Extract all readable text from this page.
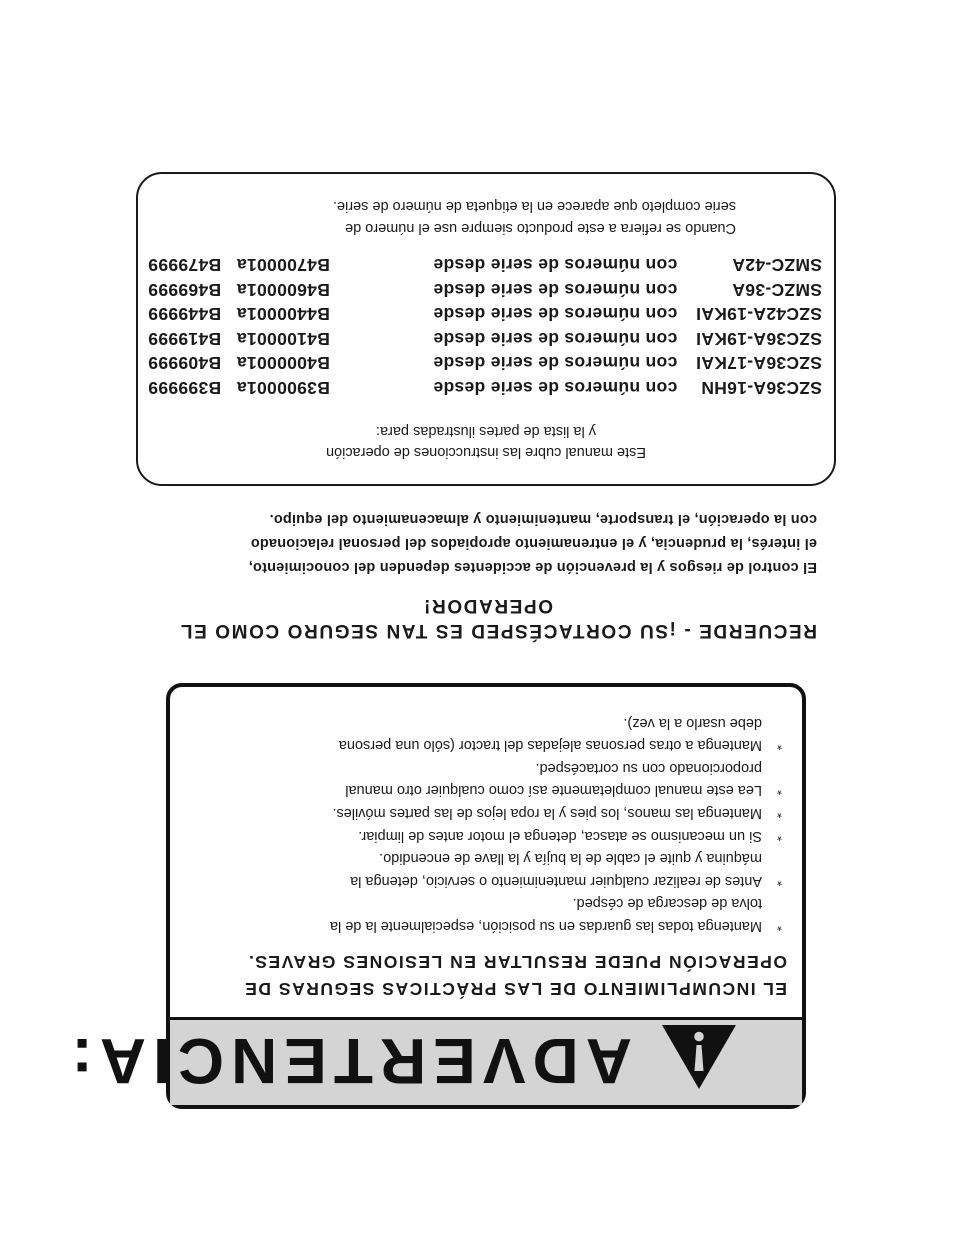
Este manual cubre las instrucciones de operación
y la lista de partes ilustradas para:
SZC36A-16HN
con números de serie desde
B3900001
a

B399999
SZC36A-17KAI
con números de serie desde
B4000001
a

B409999
SZC36A-19KAI
con números de serie desde
B4100001
a

B419999
SZC42A-19KAI
con números de serie desde
B4400001
a

B449999
SMZC-36A
con números de serie desde
B4600001
a

B469999
SMZC-42A
con números de serie desde
B4700001
a

B479999
Cuando se refiera a este producto siempre use el número de
serie completo que aparece en la etiqueta de número de serie.
RECUERDE - ¡SU CORTACÉSPED ES TAN SEGURO COMO EL
OPERADOR!
El control de riesgos y la prevención de accidentes dependen del conocimiento,
el interés, la prudencia, y el entrenamiento apropiados del personal relacionado
con la operación, el transporte, mantenimiento y almacenamiento del equipo.
ADVERTENCIA:
EL INCUMPLIMIENTO DE LAS PRÁCTICAS SEGURAS DE
OPERACIÓN PUEDE RESULTAR EN LESIONES GRAVES.
*
Mantenga todas las guardas en su posición, especialmente la de la
tolva de descarga de césped.
*
Antes de realizar cualquier mantenimiento o servicio, detenga la
máquina y quite el cable de la bujía y la llave de encendido.
*
Si un mecanismo se atasca, detenga el motor antes de limpiar.
*
Mantenga las manos, los pies y la ropa lejos de las partes móviles.
*
Lea este manual completamente así como cualquier otro manual
proporcionado con su cortacésped.
*
Mantenga a otras personas alejadas del tractor (sólo una persona
debe usarlo a la vez).
